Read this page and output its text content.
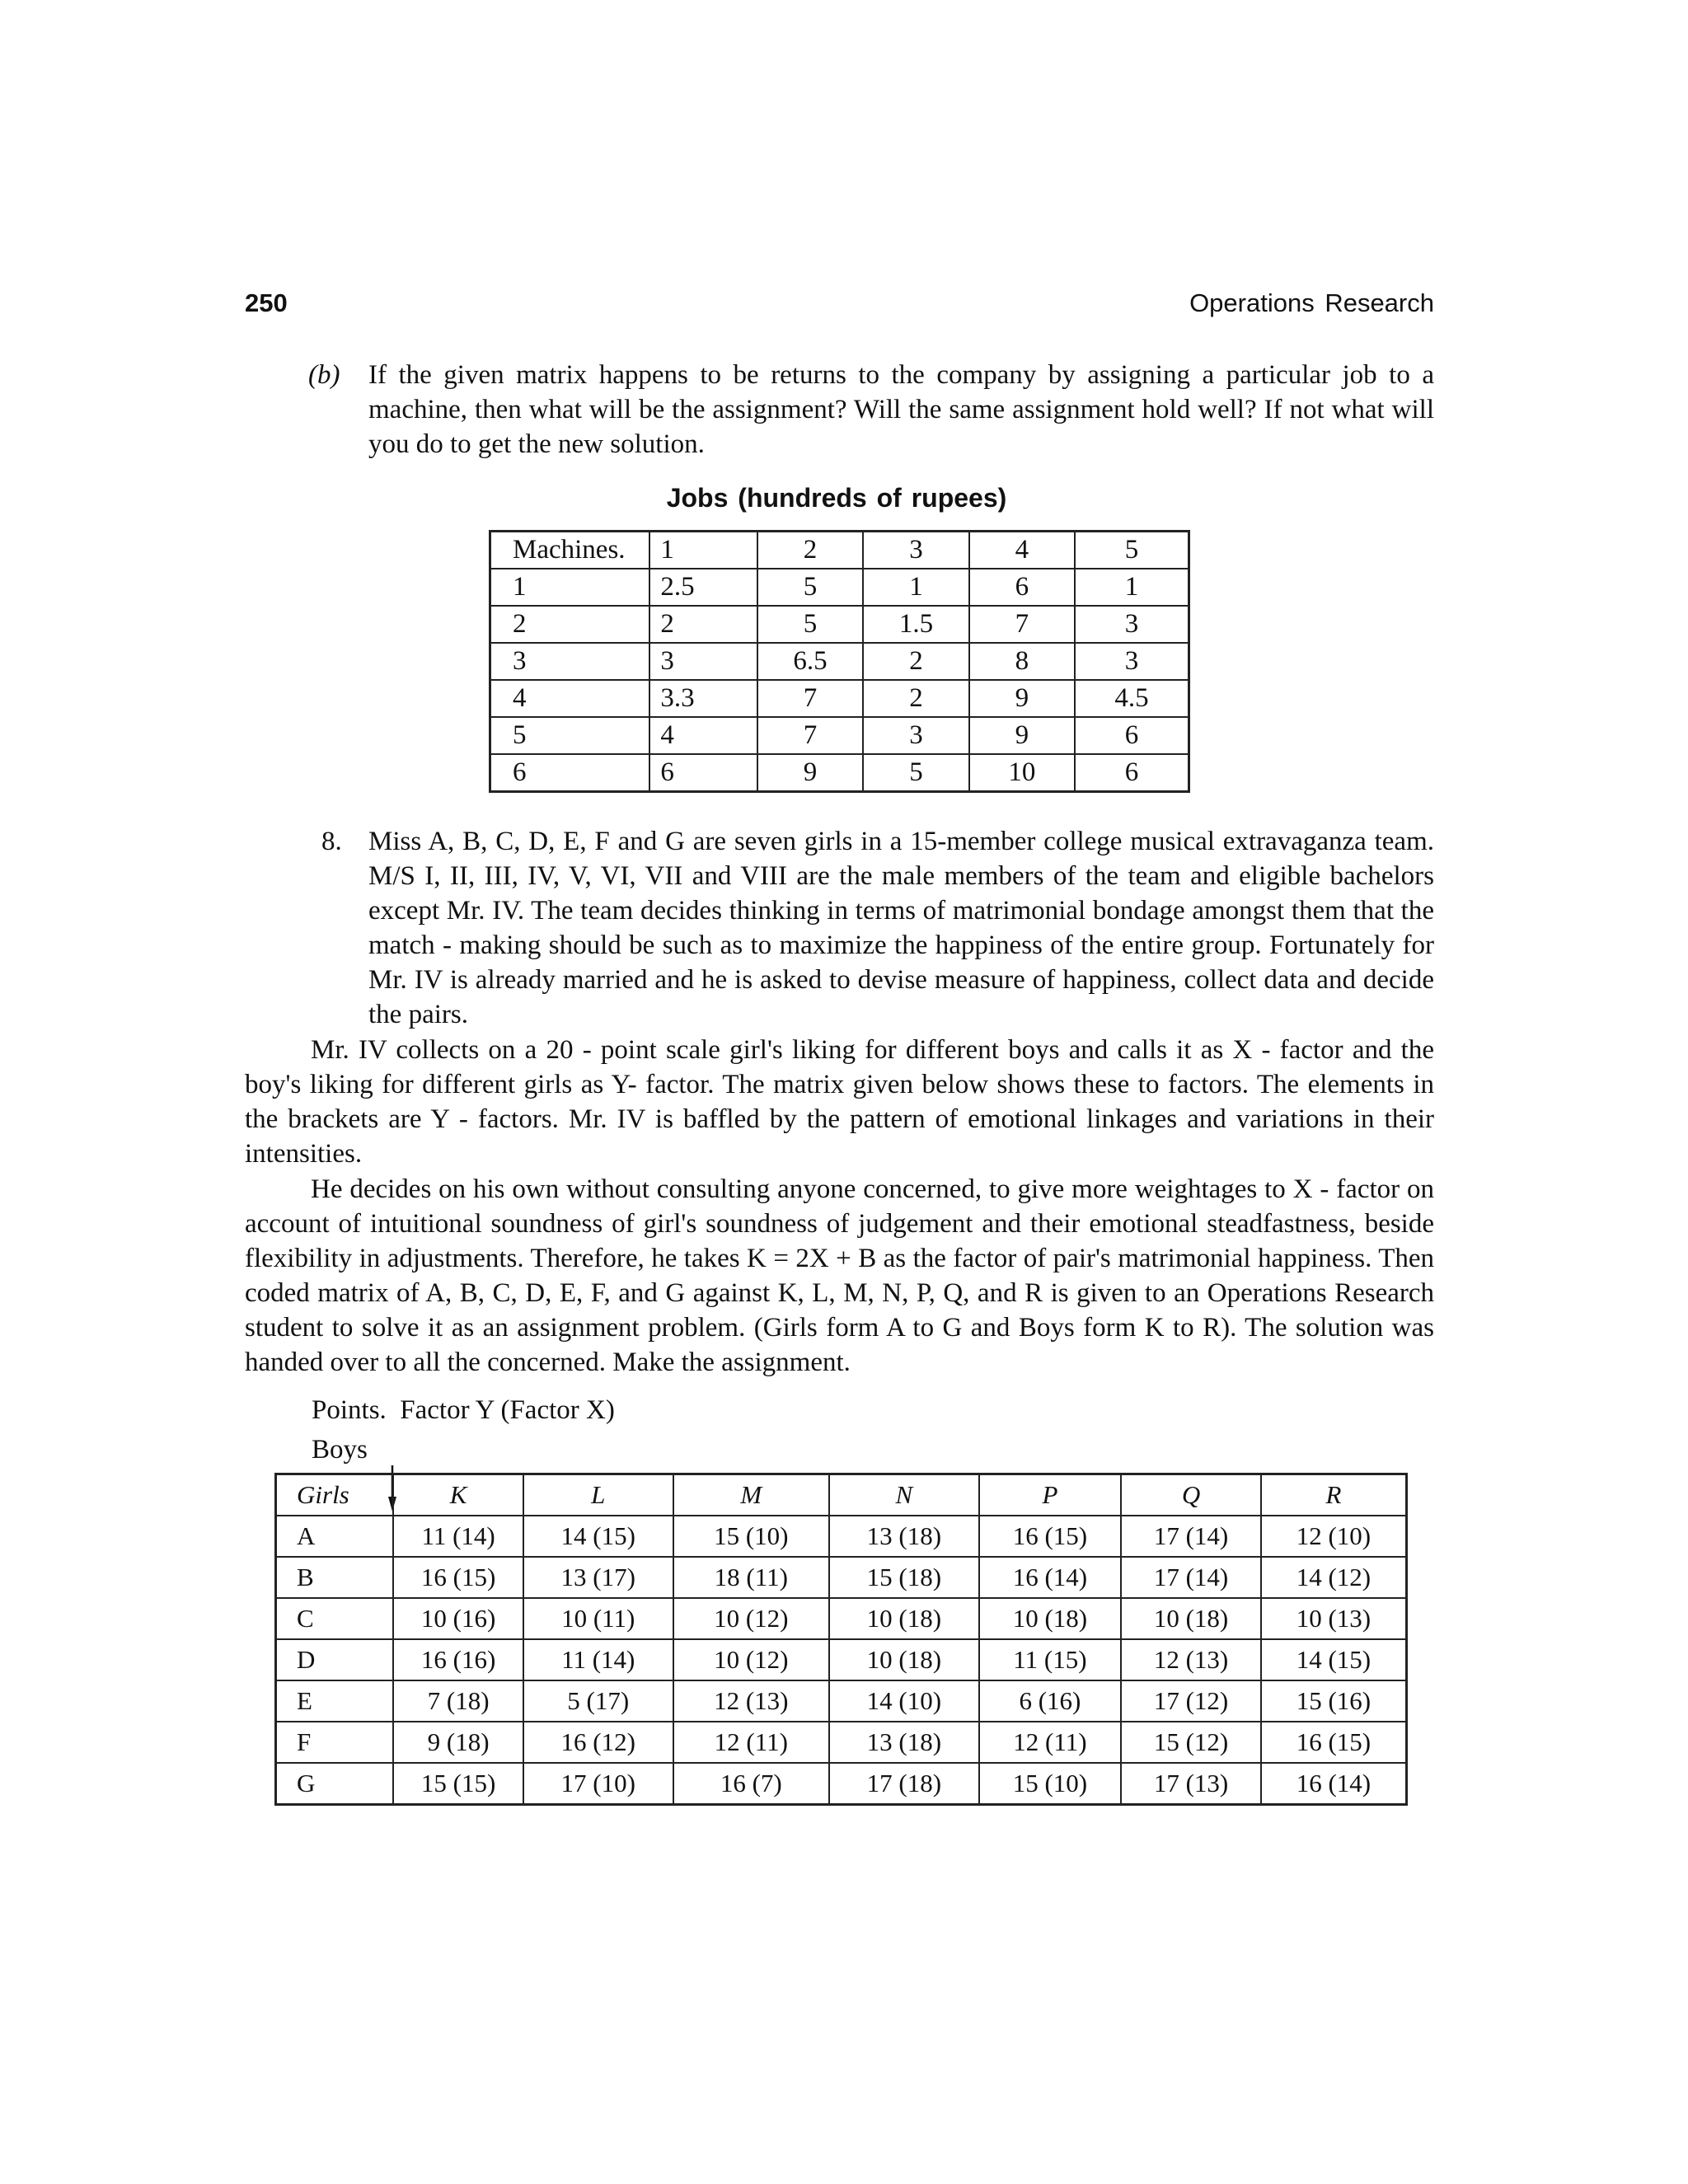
250	Operations Research
(b) If the given matrix happens to be returns to the company by assigning a particular job to a machine, then what will be the assignment? Will the same assignment hold well? If not what will you do to get the new solution.

Jobs (hundreds of rupees)
Machines.	1	2	3	4	5
1	2.5	5	1	6	1
2	2	5	1.5	7	3
3	3	6.5	2	8	3
4	3.3	7	2	9	4.5
5	4	7	3	9	6
6	6	9	5	10	6
8. Miss A, B, C, D, E, F and G are seven girls in a 15-member college musical extravaganza team. M/S I, II, III, IV, V, VI, VII and VIII are the male members of the team and eligible bachelors except Mr. IV. The team decides thinking in terms of matrimonial bondage amongst them that the match - making should be such as to maximize the happiness of the entire group. Fortunately for Mr. IV is already married and he is asked to devise measure of happiness, collect data and decide the pairs.

Mr. IV collects on a 20 - point scale girl's liking for different boys and calls it as X - factor and the boy's liking for different girls as Y- factor. The matrix given below shows these to factors. The elements in the brackets are Y - factors. Mr. IV is baffled by the pattern of emotional linkages and variations in their intensities.

He decides on his own without consulting anyone concerned, to give more weightages to X - factor on account of intuitional soundness of girl's soundness of judgement and their emotional steadfastness, beside flexibility in adjustments. Therefore, he takes K = 2X + B as the factor of pair's matrimonial happiness. Then coded matrix of A, B, C, D, E, F, and G against K, L, M, N, P, Q, and R is given to an Operations Research student to solve it as an assignment problem. (Girls form A to G and Boys form K to R). The solution was handed over to all the concerned. Make the assignment.

Points.  Factor Y (Factor X)
Boys
Girls	K	L	M	N	P	Q	R
A	11 (14)	14 (15)	15 (10)	13 (18)	16 (15)	17 (14)	12 (10)
B	16 (15)	13 (17)	18 (11)	15 (18)	16 (14)	17 (14)	14 (12)
C	10 (16)	10 (11)	10 (12)	10 (18)	10 (18)	10 (18)	10 (13)
D	16 (16)	11 (14)	10 (12)	10 (18)	11 (15)	12 (13)	14 (15)
E	7 (18)	5 (17)	12 (13)	14 (10)	6 (16)	17 (12)	15 (16)
F	9 (18)	16 (12)	12 (11)	13 (18)	12 (11)	15 (12)	16 (15)
G	15 (15)	17 (10)	16 (7)	17 (18)	15 (10)	17 (13)	16 (14)
